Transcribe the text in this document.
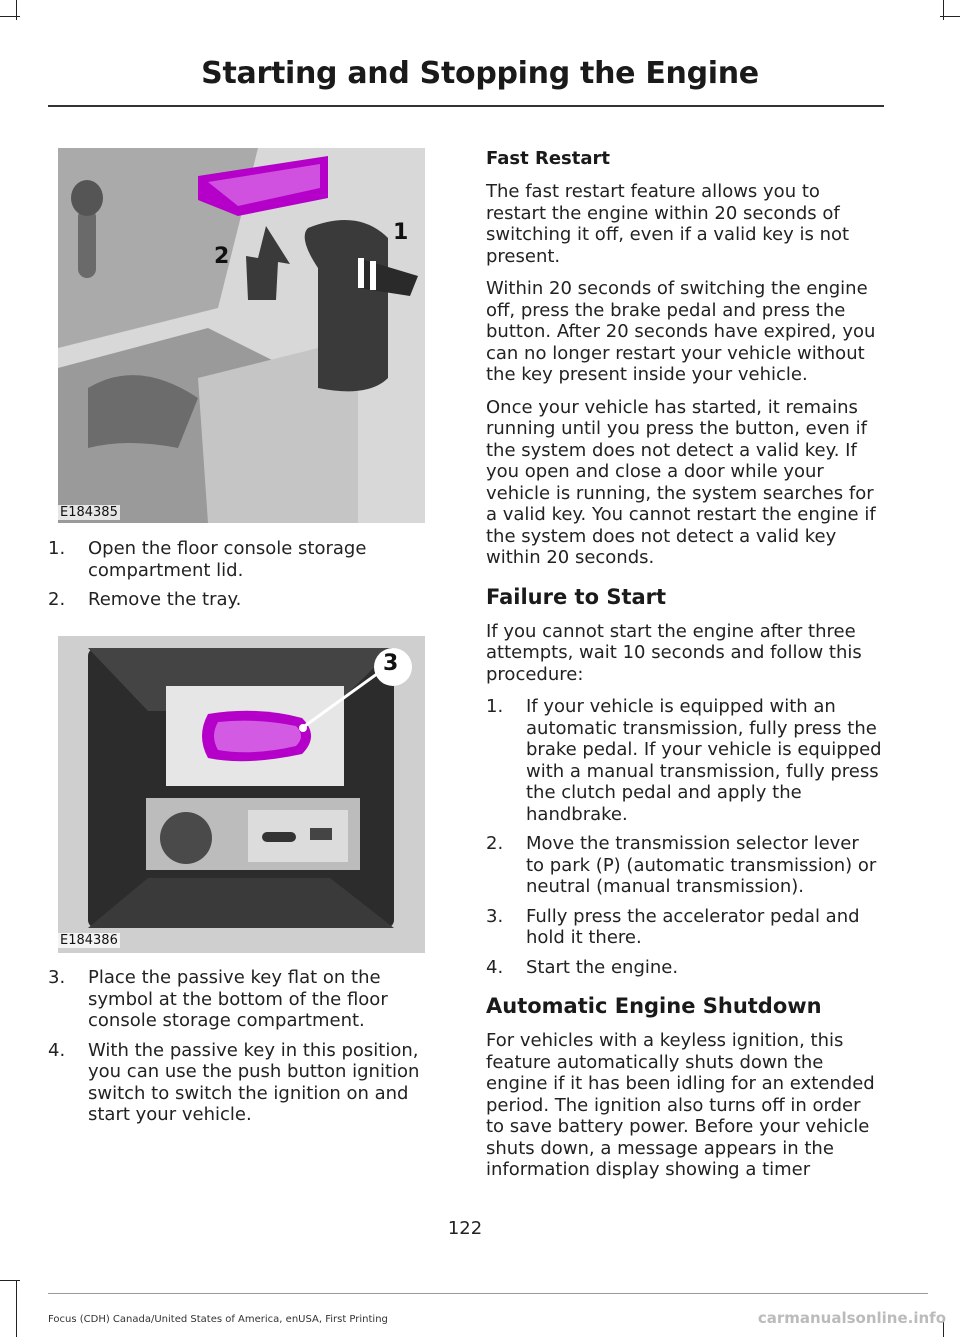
Starting and Stopping the Engine
1
2
E184385
1. Open the floor console storage compartment lid.
2. Remove the tray.
3
E184386
3. Place the passive key flat on the symbol at the bottom of the floor console storage compartment.
4. With the passive key in this position, you can use the push button ignition switch to switch the ignition on and start your vehicle.
Fast Restart

The fast restart feature allows you to restart the engine within 20 seconds of switching it off, even if a valid key is not present.

Within 20 seconds of switching the engine off, press the brake pedal and press the button. After 20 seconds have expired, you can no longer restart your vehicle without the key present inside your vehicle.

Once your vehicle has started, it remains running until you press the button, even if the system does not detect a valid key. If you open and close a door while your vehicle is running, the system searches for a valid key. You cannot restart the engine if the system does not detect a valid key within 20 seconds.

Failure to Start

If you cannot start the engine after three attempts, wait 10 seconds and follow this procedure:

1. If your vehicle is equipped with an automatic transmission, fully press the brake pedal. If your vehicle is equipped with a manual transmission, fully press the clutch pedal and apply the handbrake.
2. Move the transmission selector lever to park (P) (automatic transmission) or neutral (manual transmission).
3. Fully press the accelerator pedal and hold it there.
4. Start the engine.
Automatic Engine Shutdown

For vehicles with a keyless ignition, this feature automatically shuts down the engine if it has been idling for an extended period. The ignition also turns off in order to save battery power. Before your vehicle shuts down, a message appears in the information display showing a timer

122
Focus (CDH) Canada/United States of America, enUSA, First Printing	carmanualsonline.info
